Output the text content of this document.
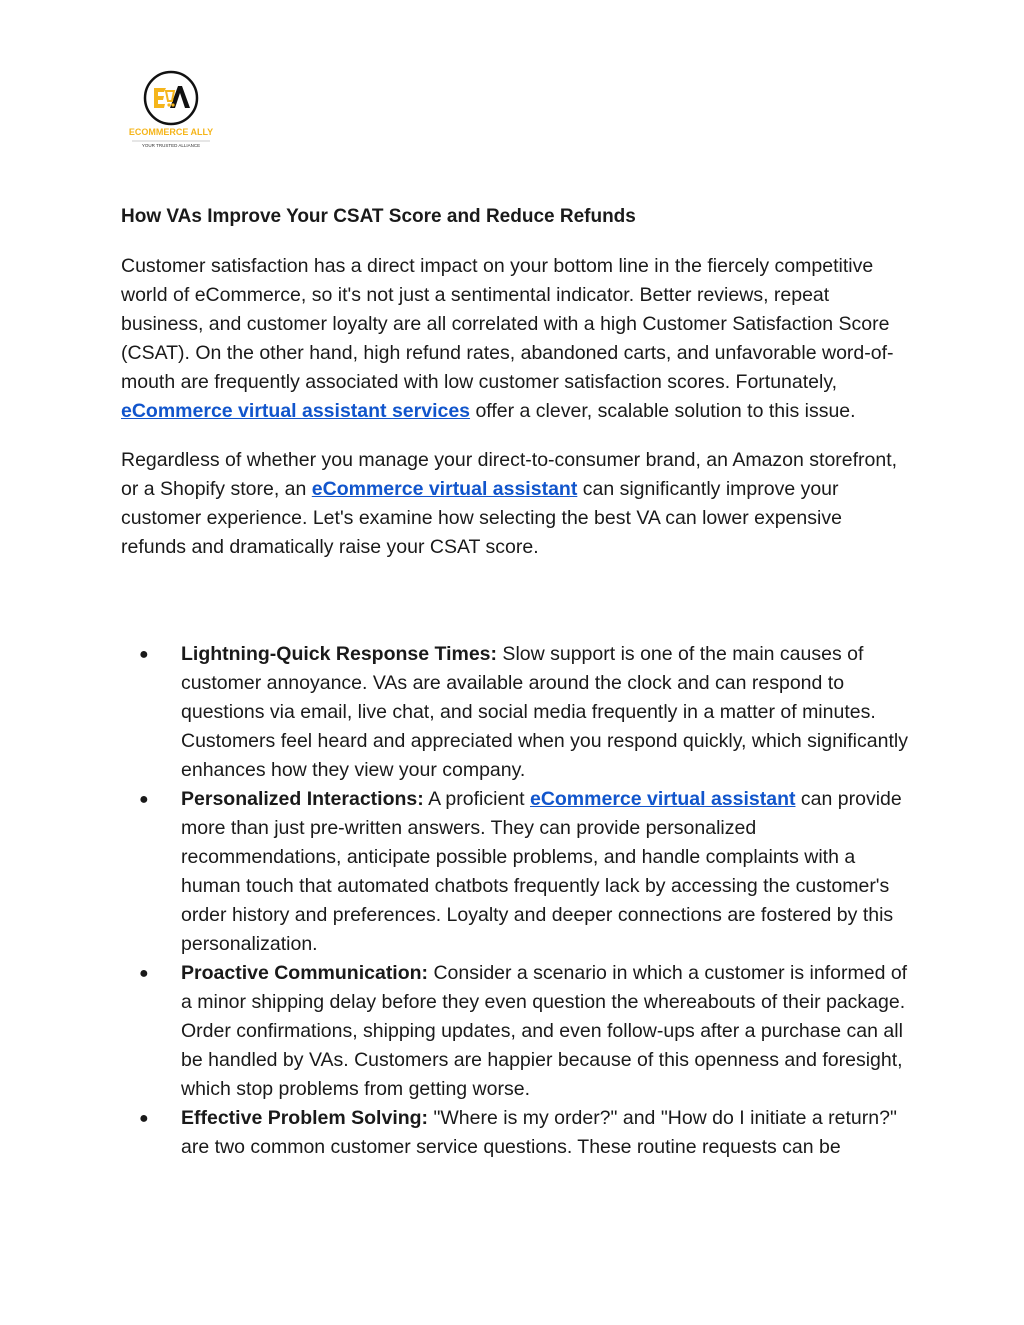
ECOMMERCE ALLY
YOUR TRUSTED ALLIANCE
How VAs Improve Your CSAT Score and Reduce Refunds

Customer satisfaction has a direct impact on your bottom line in the fiercely competitive world of eCommerce, so it's not just a sentimental indicator. Better reviews, repeat business, and customer loyalty are all correlated with a high Customer Satisfaction Score (CSAT). On the other hand, high refund rates, abandoned carts, and unfavorable word-of-mouth are frequently associated with low customer satisfaction scores. Fortunately, eCommerce virtual assistant services offer a clever, scalable solution to this issue.

Regardless of whether you manage your direct-to-consumer brand, an Amazon storefront, or a Shopify store, an eCommerce virtual assistant can significantly improve your customer experience. Let's examine how selecting the best VA can lower expensive refunds and dramatically raise your CSAT score.

● Lightning-Quick Response Times: Slow support is one of the main causes of customer annoyance. VAs are available around the clock and can respond to questions via email, live chat, and social media frequently in a matter of minutes. Customers feel heard and appreciated when you respond quickly, which significantly enhances how they view your company.
● Personalized Interactions: A proficient eCommerce virtual assistant can provide more than just pre-written answers. They can provide personalized recommendations, anticipate possible problems, and handle complaints with a human touch that automated chatbots frequently lack by accessing the customer's order history and preferences. Loyalty and deeper connections are fostered by this personalization.
● Proactive Communication: Consider a scenario in which a customer is informed of a minor shipping delay before they even question the whereabouts of their package. Order confirmations, shipping updates, and even follow-ups after a purchase can all be handled by VAs. Customers are happier because of this openness and foresight, which stop problems from getting worse.
● Effective Problem Solving: "Where is my order?" and "How do I initiate a return?" are two common customer service questions. These routine requests can be
